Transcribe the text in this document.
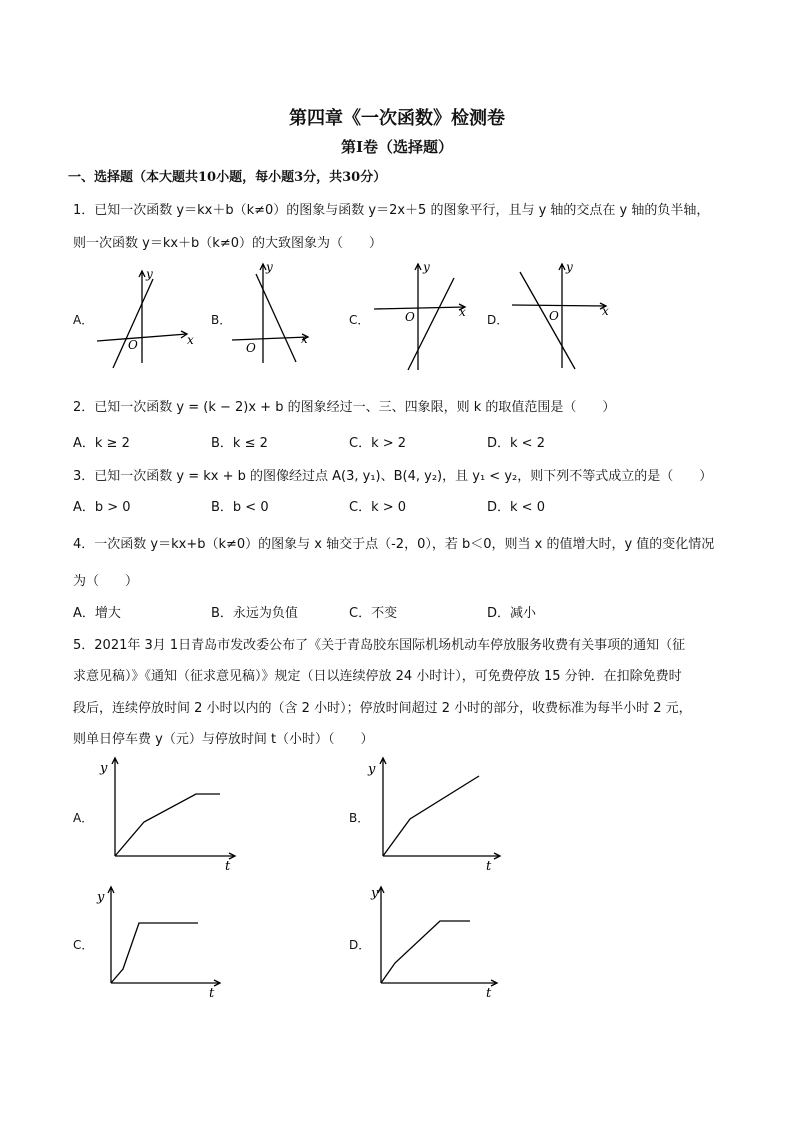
第四章《一次函数》检测卷
第I卷（选择题）
一、选择题（本大题共10小题，每小题3分，共30分）
1．已知一次函数 y＝kx＋b（k≠0）的图象与函数 y＝2x＋5 的图象平行，且与 y 轴的交点在 y 轴的负半轴，
则一次函数 y＝kx＋b（k≠0）的大致图象为（　　）
A．
y
x
O
B．
y
x
O
C．
y
x
O	D．
y
x
O
2．已知一次函数 y = (k − 2)x + b 的图象经过一、三、四象限，则 k 的取值范围是（　　）
A．k ≥ 2	B．k ≤ 2	C．k > 2	D．k < 2
3．已知一次函数 y = kx + b 的图像经过点 A(3, y₁)、B(4, y₂)，且 y₁ < y₂，则下列不等式成立的是（　　）
A．b > 0	B．b < 0	C．k > 0	D．k < 0
4．一次函数 y＝kx+b（k≠0）的图象与 x 轴交于点（-2，0），若 b＜0，则当 x 的值增大时，y 值的变化情况
为（　　）
A．增大	B．永远为负值	C．不变	D．减小
5．2021年 3月 1日青岛市发改委公布了《关于青岛胶东国际机场机动车停放服务收费有关事项的通知（征
求意见稿）》《通知（征求意见稿）》规定（日以连续停放 24 小时计），可免费停放 15 分钟．在扣除免费时
段后，连续停放时间 2 小时以内的（含 2 小时）；停放时间超过 2 小时的部分，收费标准为每半小时 2 元，
则单日停车费 y（元）与停放时间 t（小时）（　　）
A．
y
t
B．
y
t
C．
y
t
D．
y
t
